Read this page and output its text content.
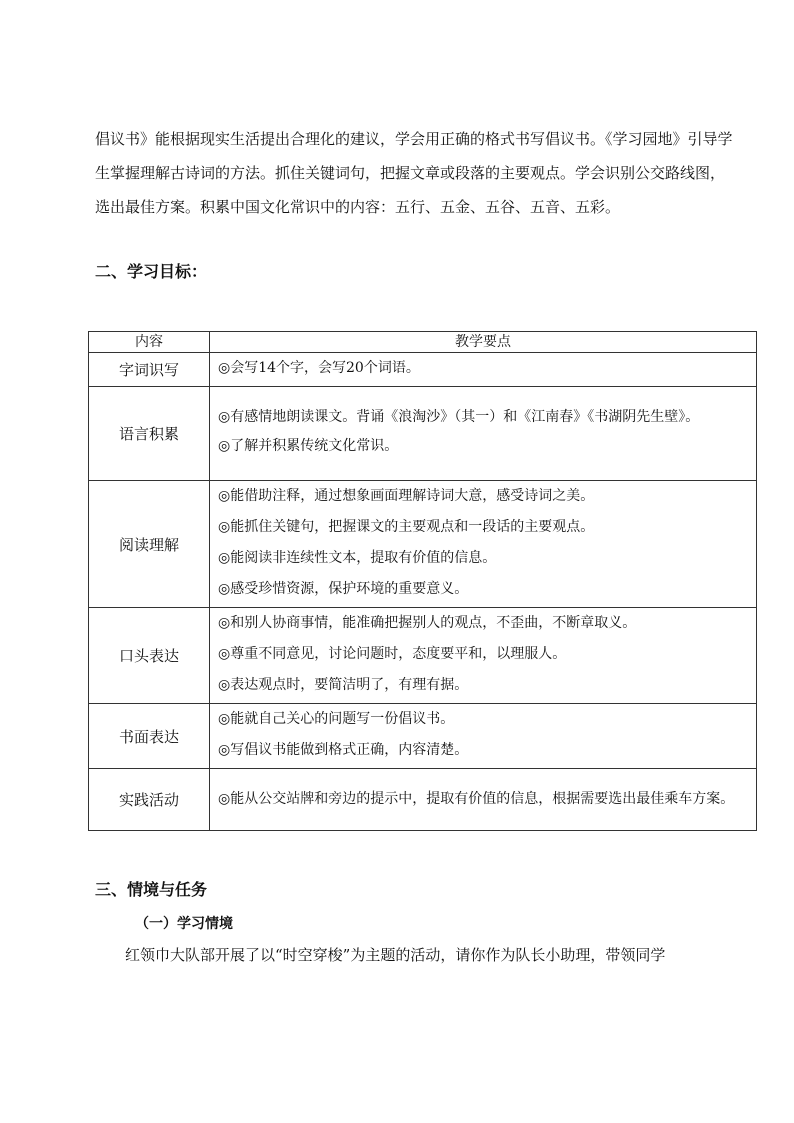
倡议书》能根据现实生活提出合理化的建议，学会用正确的格式书写倡议书。《学习园地》引导学生掌握理解古诗词的方法。抓住关键词句，把握文章或段落的主要观点。学会识别公交路线图，选出最佳方案。积累中国文化常识中的内容：五行、五金、五谷、五音、五彩。

二、学习目标：
内容	教学要点
字词识写	◎会写14个字，会写20个词语。

语言积累	◎有感情地朗读课文。背诵《浪淘沙》（其一）和《江南春》《书湖阴先生壁》。
◎了解并积累传统文化常识。

阅读理解	◎能借助注释，通过想象画面理解诗词大意，感受诗词之美。
◎能抓住关键句，把握课文的主要观点和一段话的主要观点。
◎能阅读非连续性文本，提取有价值的信息。
◎感受珍惜资源，保护环境的重要意义。

口头表达	◎和别人协商事情，能准确把握别人的观点，不歪曲，不断章取义。
◎尊重不同意见，讨论问题时，态度要平和，以理服人。
◎表达观点时，要简洁明了，有理有据。

书面表达	◎能就自己关心的问题写一份倡议书。
◎写倡议书能做到格式正确，内容清楚。

实践活动	◎能从公交站牌和旁边的提示中，提取有价值的信息，根据需要选出最佳乘车方案。
三、情境与任务
（一）学习情境

红领巾大队部开展了以“时空穿梭”为主题的活动，请你作为队长小助理，带领同学
